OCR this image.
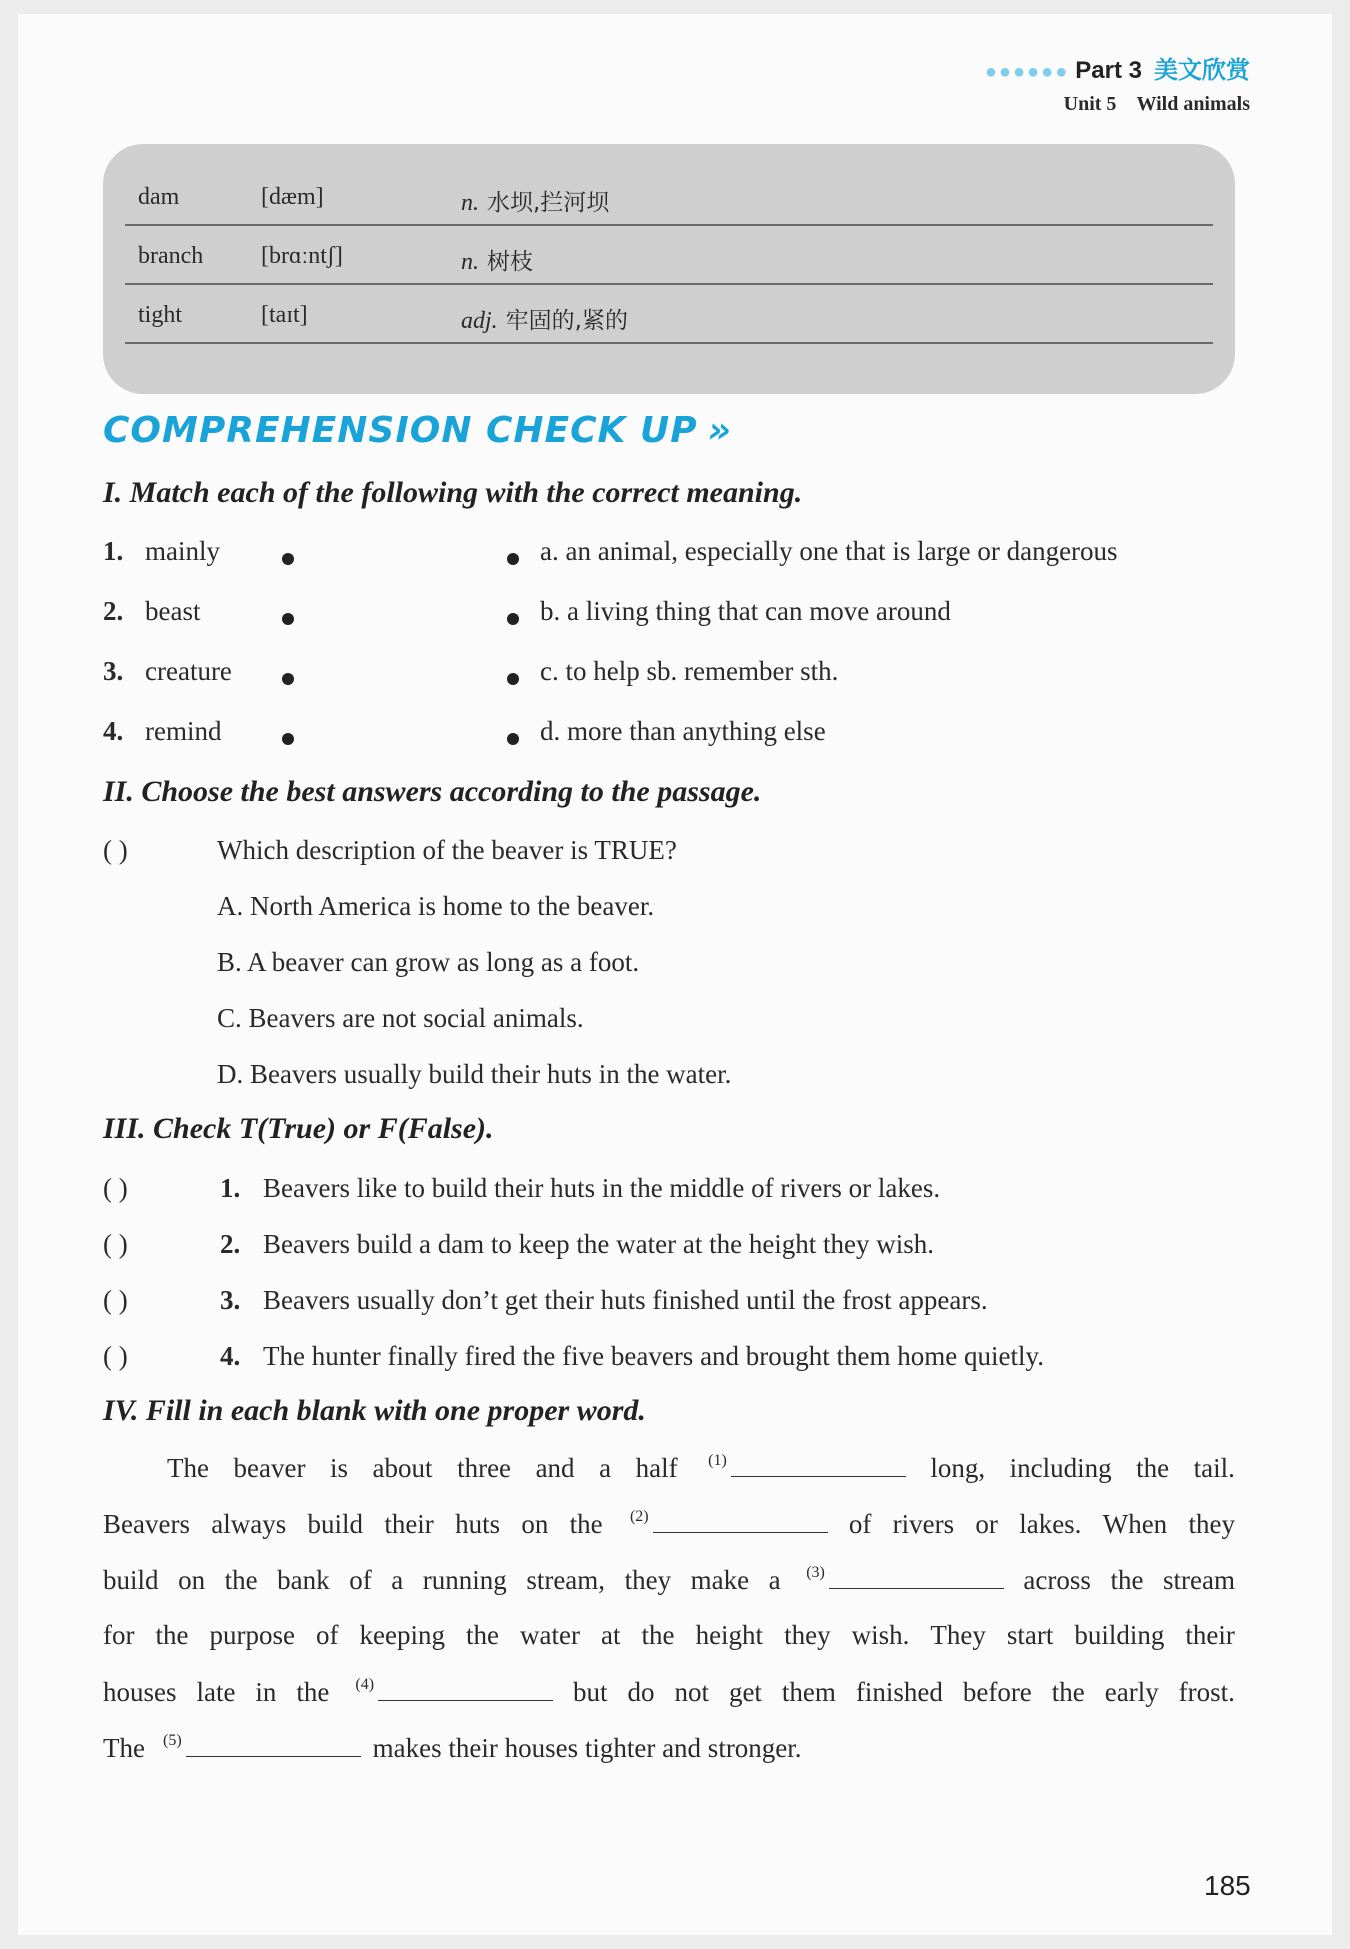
●●●●●● Part 3 美文欣赏
Unit 5 Wild animals
dam	[dæm]	n. 水坝,拦河坝
branch [brɑːntʃ]	n. 树枝
tight	[taɪt]	adj. 牢固的,紧的
COMPREHENSION CHECK UP »
I. Match each of the following with the correct meaning.
1. mainly	a. an animal, especially one that is large or dangerous
2. beast	b. a living thing that can move around
3. creature	c. to help sb. remember sth.
4. remind	d. more than anything else
II. Choose the best answers according to the passage.
( )	Which description of the beaver is TRUE?
A. North America is home to the beaver.
B. A beaver can grow as long as a foot.
C. Beavers are not social animals.
D. Beavers usually build their huts in the water.
III. Check T(True) or F(False).
( )	1. Beavers like to build their huts in the middle of rivers or lakes.
( )	2. Beavers build a dam to keep the water at the height they wish.
( )	3. Beavers usually don’t get their huts finished until the frost appears.
( )	4. The hunter finally fired the five beavers and brought them home quietly.
IV. Fill in each blank with one proper word.
The beaver is about three and a half	$^{(1)}$	long, including the tail.
Beavers always build their huts on the	$^{(2)}$	of rivers or lakes. When they
build on the bank of a running stream, they make a	$^{(3)}$	across the stream
for the purpose of keeping the water at the height they wish. They start building their
houses late in the	$^{(4)}$	but do not get them finished before the early frost.
The	$^{(5)}$	makes their houses tighter and stronger.
185
